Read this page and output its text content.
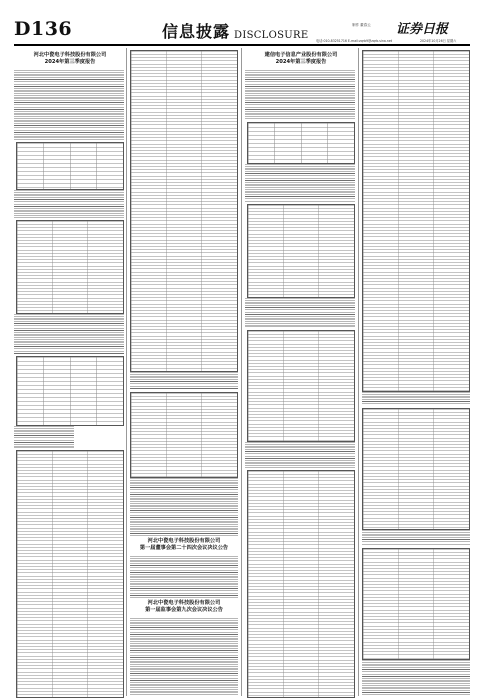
D136	信息披露 DISCLOSURE
制作 董春云 证券日报
电话:010-83251716 E-mail:zqrb9@zqrb.sina.net	2024年10月26日 星期六
河北中瓷电子科技股份有限公司
2024年第三季度报告
河北中瓷电子科技股份有限公司
第一届董事会第二十四次会议决议公告
河北中瓷电子科技股份有限公司
第一届监事会第九次会议决议公告
建信电子信息产业股份有限公司
2024年第三季度报告
